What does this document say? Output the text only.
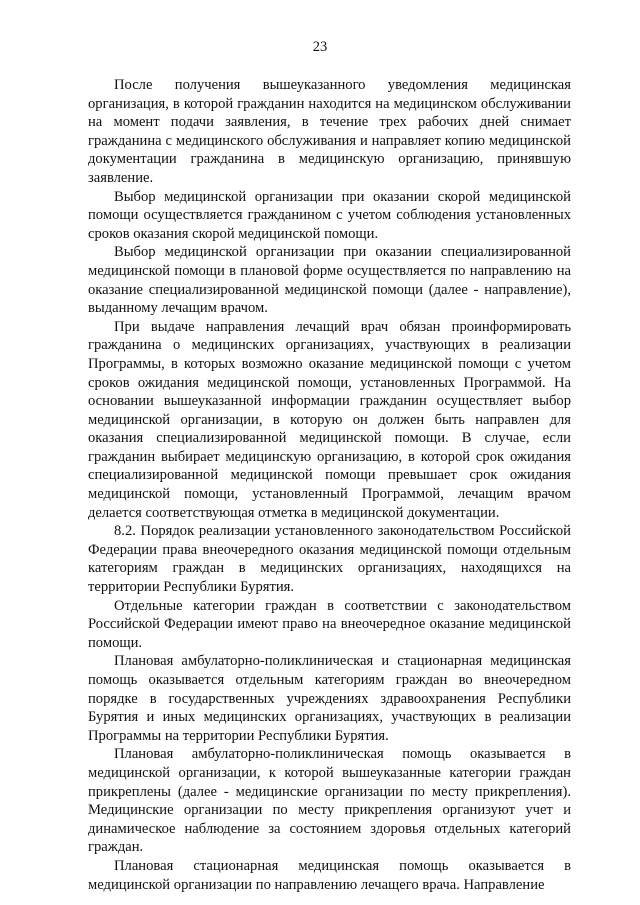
23

После получения вышеуказанного уведомления медицинская организация, в которой гражданин находится на медицинском обслуживании на момент подачи заявления, в течение трех рабочих дней снимает гражданина с медицинского обслуживания и направляет копию медицинской документации гражданина в медицинскую организацию, принявшую заявление.

Выбор медицинской организации при оказании скорой медицинской помощи осуществляется гражданином с учетом соблюдения установленных сроков оказания скорой медицинской помощи.

Выбор медицинской организации при оказании специализированной медицинской помощи в плановой форме осуществляется по направлению на оказание специализированной медицинской помощи (далее - направление), выданному лечащим врачом.

При выдаче направления лечащий врач обязан проинформировать гражданина о медицинских организациях, участвующих в реализации Программы, в которых возможно оказание медицинской помощи с учетом сроков ожидания медицинской помощи, установленных Программой. На основании вышеуказанной информации гражданин осуществляет выбор медицинской организации, в которую он должен быть направлен для оказания специализированной медицинской помощи. В случае, если гражданин выбирает медицинскую организацию, в которой срок ожидания специализированной медицинской помощи превышает срок ожидания медицинской помощи, установленный Программой, лечащим врачом делается соответствующая отметка в медицинской документации.

8.2. Порядок реализации установленного законодательством Российской Федерации права внеочередного оказания медицинской помощи отдельным категориям граждан в медицинских организациях, находящихся на территории Республики Бурятия.

Отдельные категории граждан в соответствии с законодательством Российской Федерации имеют право на внеочередное оказание медицинской помощи.

Плановая амбулаторно-поликлиническая и стационарная медицинская помощь оказывается отдельным категориям граждан во внеочередном порядке в государственных учреждениях здравоохранения Республики Бурятия и иных медицинских организациях, участвующих в реализации Программы на территории Республики Бурятия.

Плановая амбулаторно-поликлиническая помощь оказывается в медицинской организации, к которой вышеуказанные категории граждан прикреплены (далее - медицинские организации по месту прикрепления). Медицинские организации по месту прикрепления организуют учет и динамическое наблюдение за состоянием здоровья отдельных категорий граждан.

Плановая стационарная медицинская помощь оказывается в медицинской организации по направлению лечащего врача. Направление
